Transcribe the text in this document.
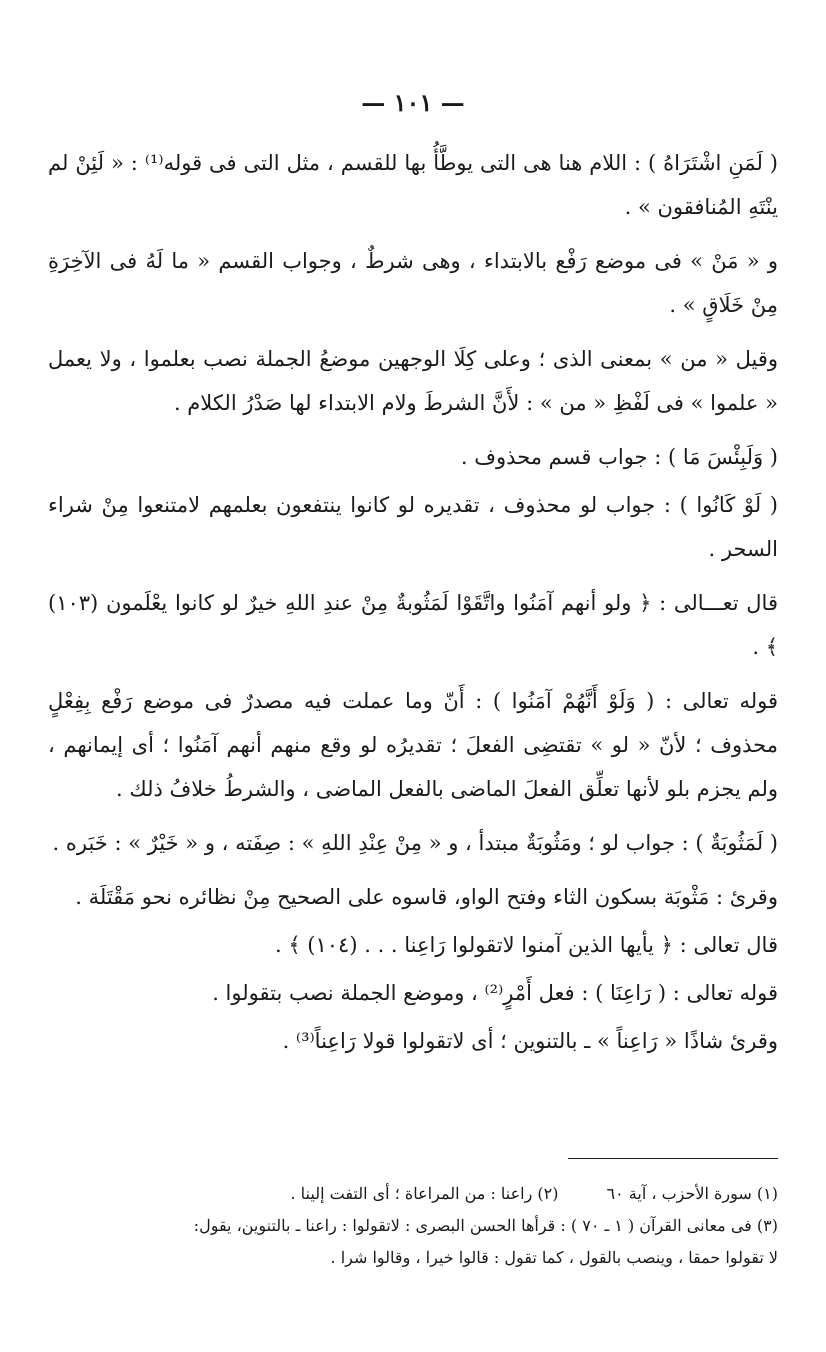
— ١٠١ —

( لَمَنِ اشْتَرَاهُ ) : اللام هنا هى التى يوطَّأُ بها للقسم ، مثل التى فى قوله⁽¹⁾ : « لَئِنْ لم ينْتَهِ المُنافقون » .

و « مَنْ » فى موضع رَفْع بالابتداء ، وهى شرطٌ ، وجواب القسم « ما لَهُ فى الآخِرَةِ مِنْ خَلَاقٍ » .

وقيل « من » بمعنى الذى ؛ وعلى كِلَا الوجهين موضعُ الجملة نصب بعلموا ، ولا يعمل « علموا » فى لَفْظِ « من » : لأَنَّ الشرطَ ولام الابتداء لها صَدْرُ الكلام .

( وَلَبِئْسَ مَا ) : جواب قسم محذوف .

( لَوْ كَانُوا ) : جواب لو محذوف ، تقديره لو كانوا ينتفعون بعلمهم لامتنعوا مِنْ شراء السحر .

قال تعـــالى : ﴿ ولو أنهم آمَنُوا واتَّقَوْا لَمَثُوبةٌ مِنْ عندِ اللهِ خيرٌ لو كانوا يعْلَمون (١٠٣) ﴾ .

قوله تعالى : ( وَلَوْ أَنَّهُمْ آمَنُوا ) : أَنّ وما عملت فيه مصدرٌ فى موضع رَفْع بِفِعْلٍ محذوف ؛ لأنّ « لو » تقتضِى الفعلَ ؛ تقديرُه لو وقع منهم أنهم آمَنُوا ؛ أى إيمانهم ، ولم يجزم بلو لأنها تعلِّق الفعلَ الماضى بالفعل الماضى ، والشرطُ خلافُ ذلك .

( لَمَثُوبَةٌ ) : جواب لو ؛ ومَثُوبَةٌ مبتدأ ، و « مِنْ عِنْدِ اللهِ » : صِفَته ، و « خَيْرٌ » : خَبَره .

وقرئ : مَثْوبَة بسكون الثاء وفتح الواو، قاسوه على الصحيح مِنْ نظائره نحو مَقْتَلَة .

قال تعالى : ﴿ يأيها الذين آمنوا لاتقولوا رَاعِنا . . . (١٠٤) ﴾ .

قوله تعالى : ( رَاعِنَا ) : فعل أَمْرٍ⁽²⁾ ، وموضع الجملة نصب بتقولوا .

وقرئ شاذًا « رَاعِناً » ـ بالتنوين ؛ أى لاتقولوا قولا رَاعِناً⁽³⁾ .

(١) سورة الأحزب ، آية ٦٠

(٢) راعنا : من المراعاة ؛ أى التفت إلينا .

(٣) فى معانى القرآن ( ١ ـ ٧٠ ) : قرأها الحسن البصرى : لاتقولوا : راعنا ـ بالتنوين، يقول:

لا تقولوا حمقا ، وينصب بالقول ، كما تقول : قالوا خيرا ، وقالوا شرا .
